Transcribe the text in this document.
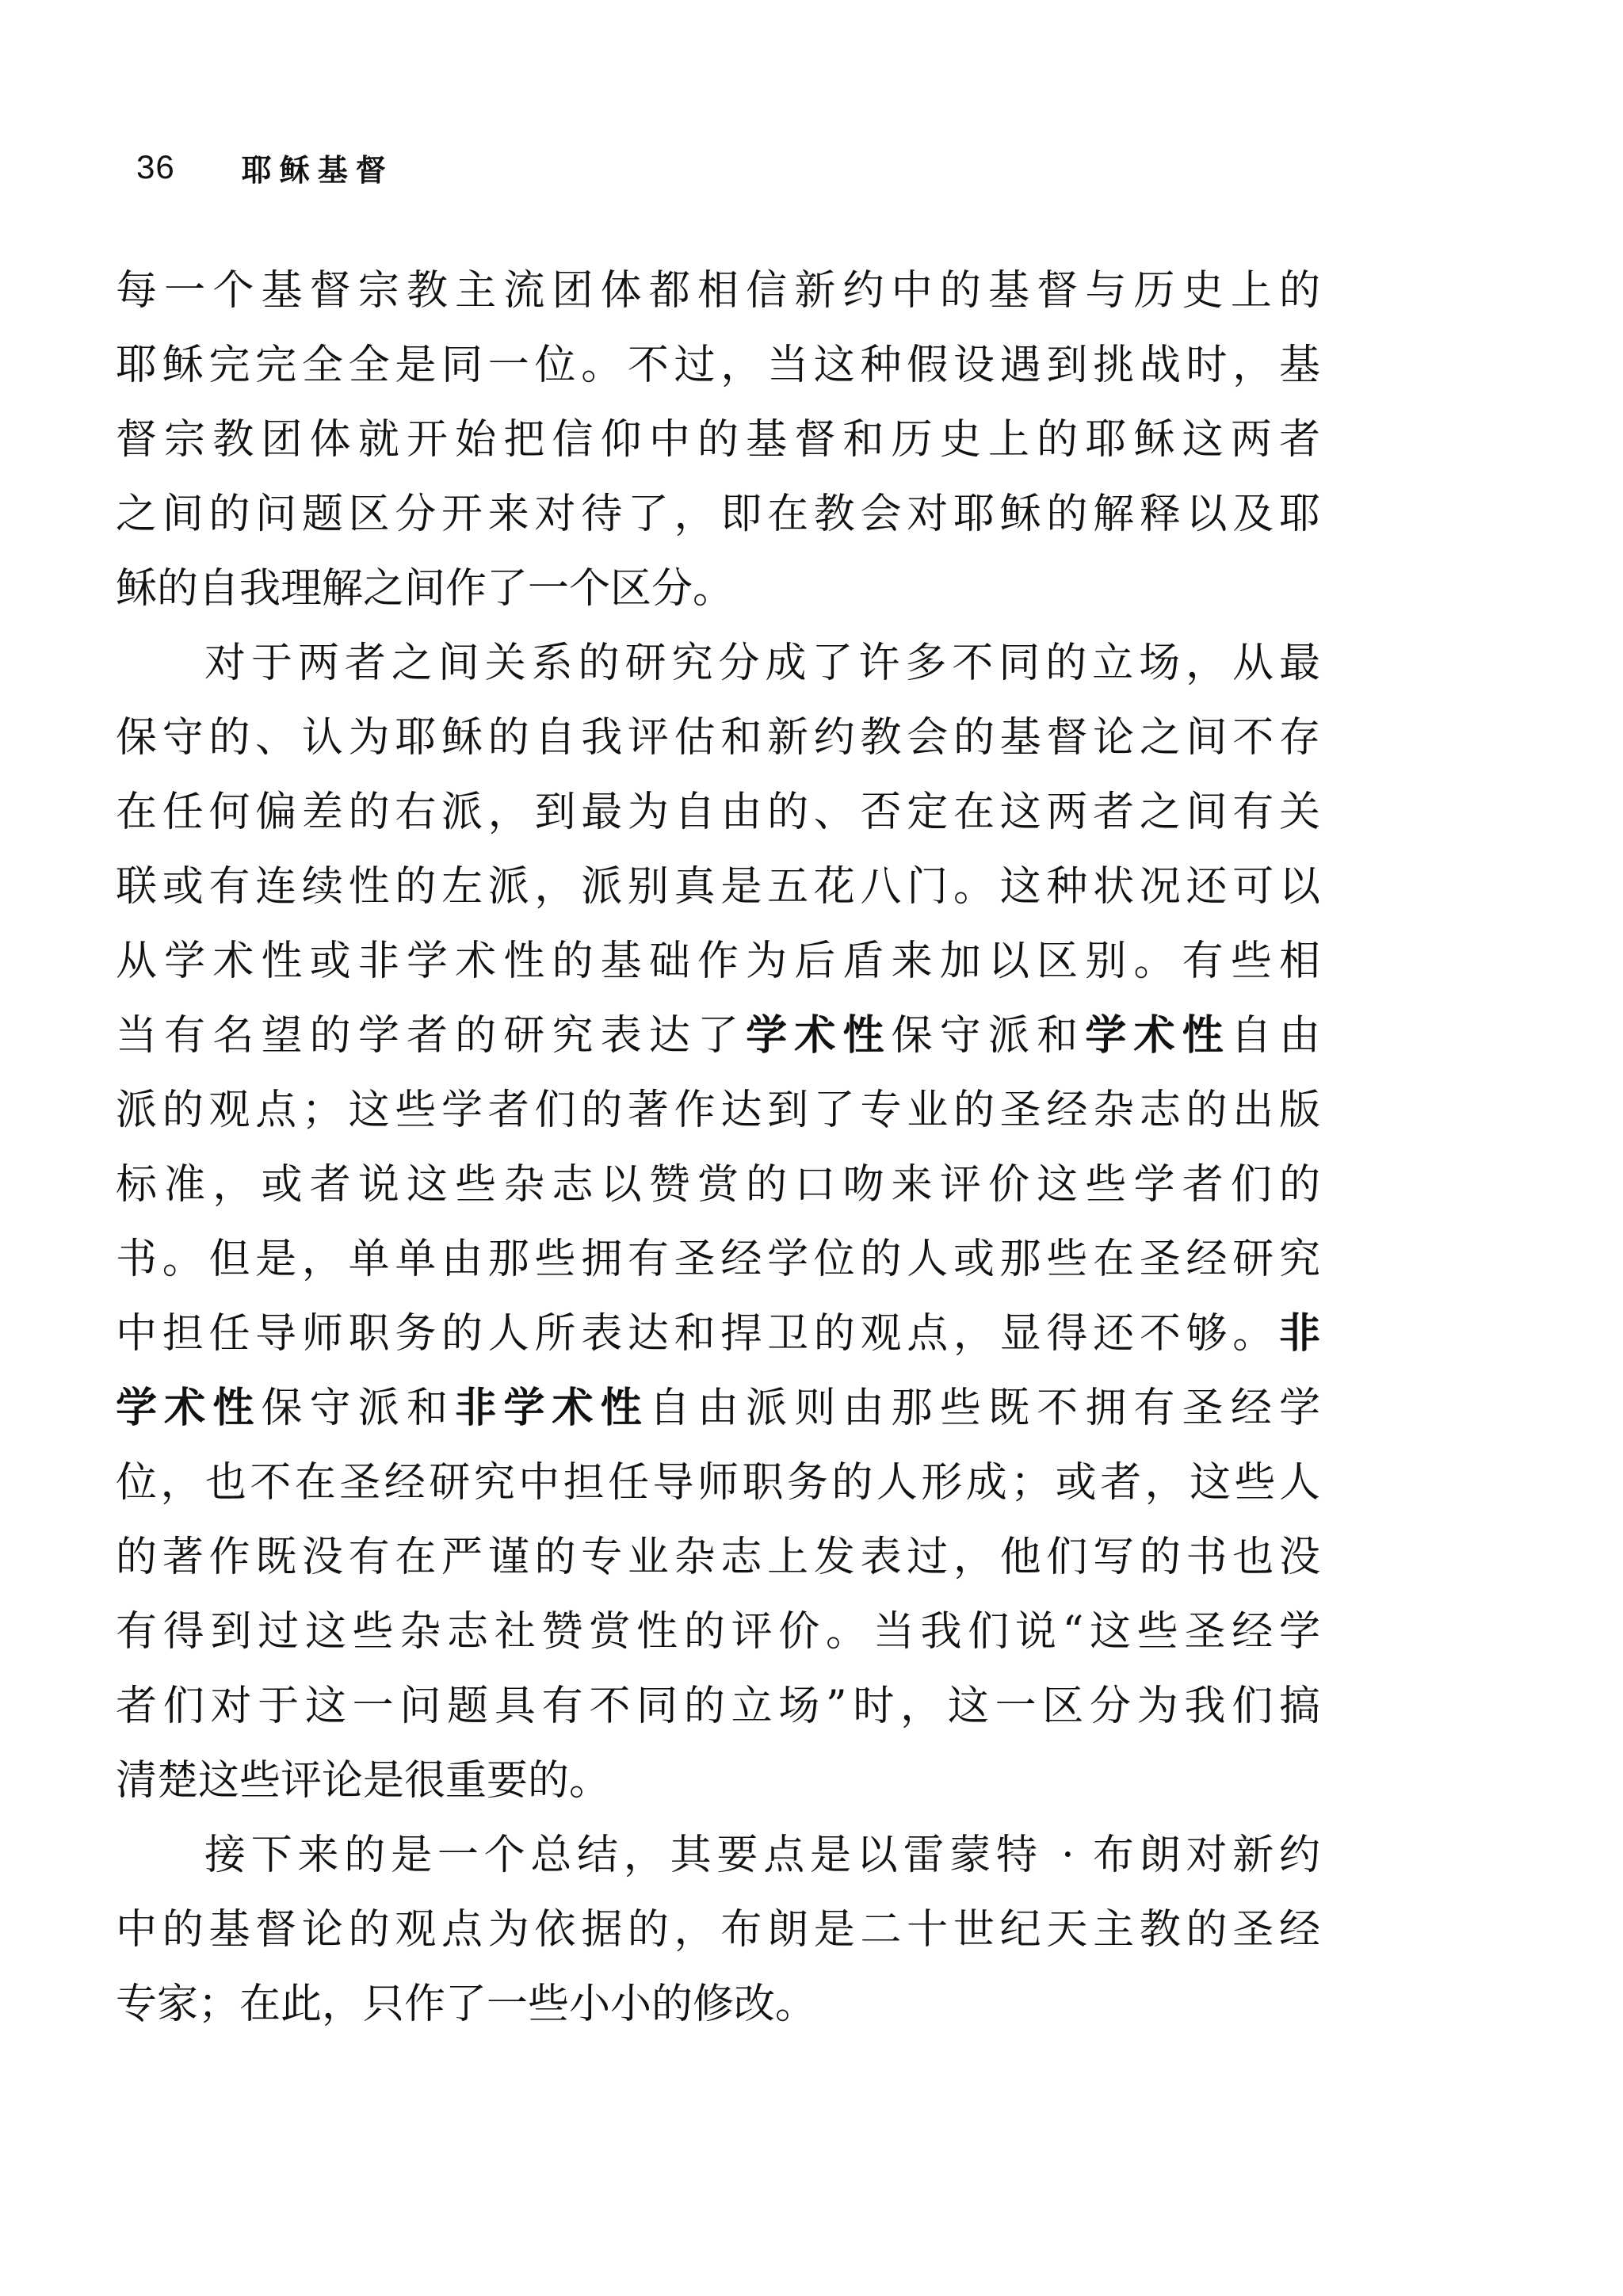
36 耶稣基督
每一个基督宗教主流团体都相信新约中的基督与历史上的
耶稣完完全全是同一位。不过，当这种假设遇到挑战时，基
督宗教团体就开始把信仰中的基督和历史上的耶稣这两者
之间的问题区分开来对待了，即在教会对耶稣的解释以及耶
稣的自我理解之间作了一个区分。
对于两者之间关系的研究分成了许多不同的立场，从最
保守的、认为耶稣的自我评估和新约教会的基督论之间不存
在任何偏差的右派，到最为自由的、否定在这两者之间有关
联或有连续性的左派，派别真是五花八门。这种状况还可以
从学术性或非学术性的基础作为后盾来加以区别。有些相
当有名望的学者的研究表达了学术性保守派和学术性自由
派的观点；这些学者们的著作达到了专业的圣经杂志的出版
标准，或者说这些杂志以赞赏的口吻来评价这些学者们的
书。但是，单单由那些拥有圣经学位的人或那些在圣经研究
中担任导师职务的人所表达和捍卫的观点，显得还不够。非
学术性保守派和非学术性自由派则由那些既不拥有圣经学
位，也不在圣经研究中担任导师职务的人形成；或者，这些人
的著作既没有在严谨的专业杂志上发表过，他们写的书也没
有得到过这些杂志社赞赏性的评价。当我们说“这些圣经学
者们对于这一问题具有不同的立场”时，这一区分为我们搞
清楚这些评论是很重要的。
接下来的是一个总结，其要点是以雷蒙特 · 布朗对新约
中的基督论的观点为依据的，布朗是二十世纪天主教的圣经
专家；在此，只作了一些小小的修改。
